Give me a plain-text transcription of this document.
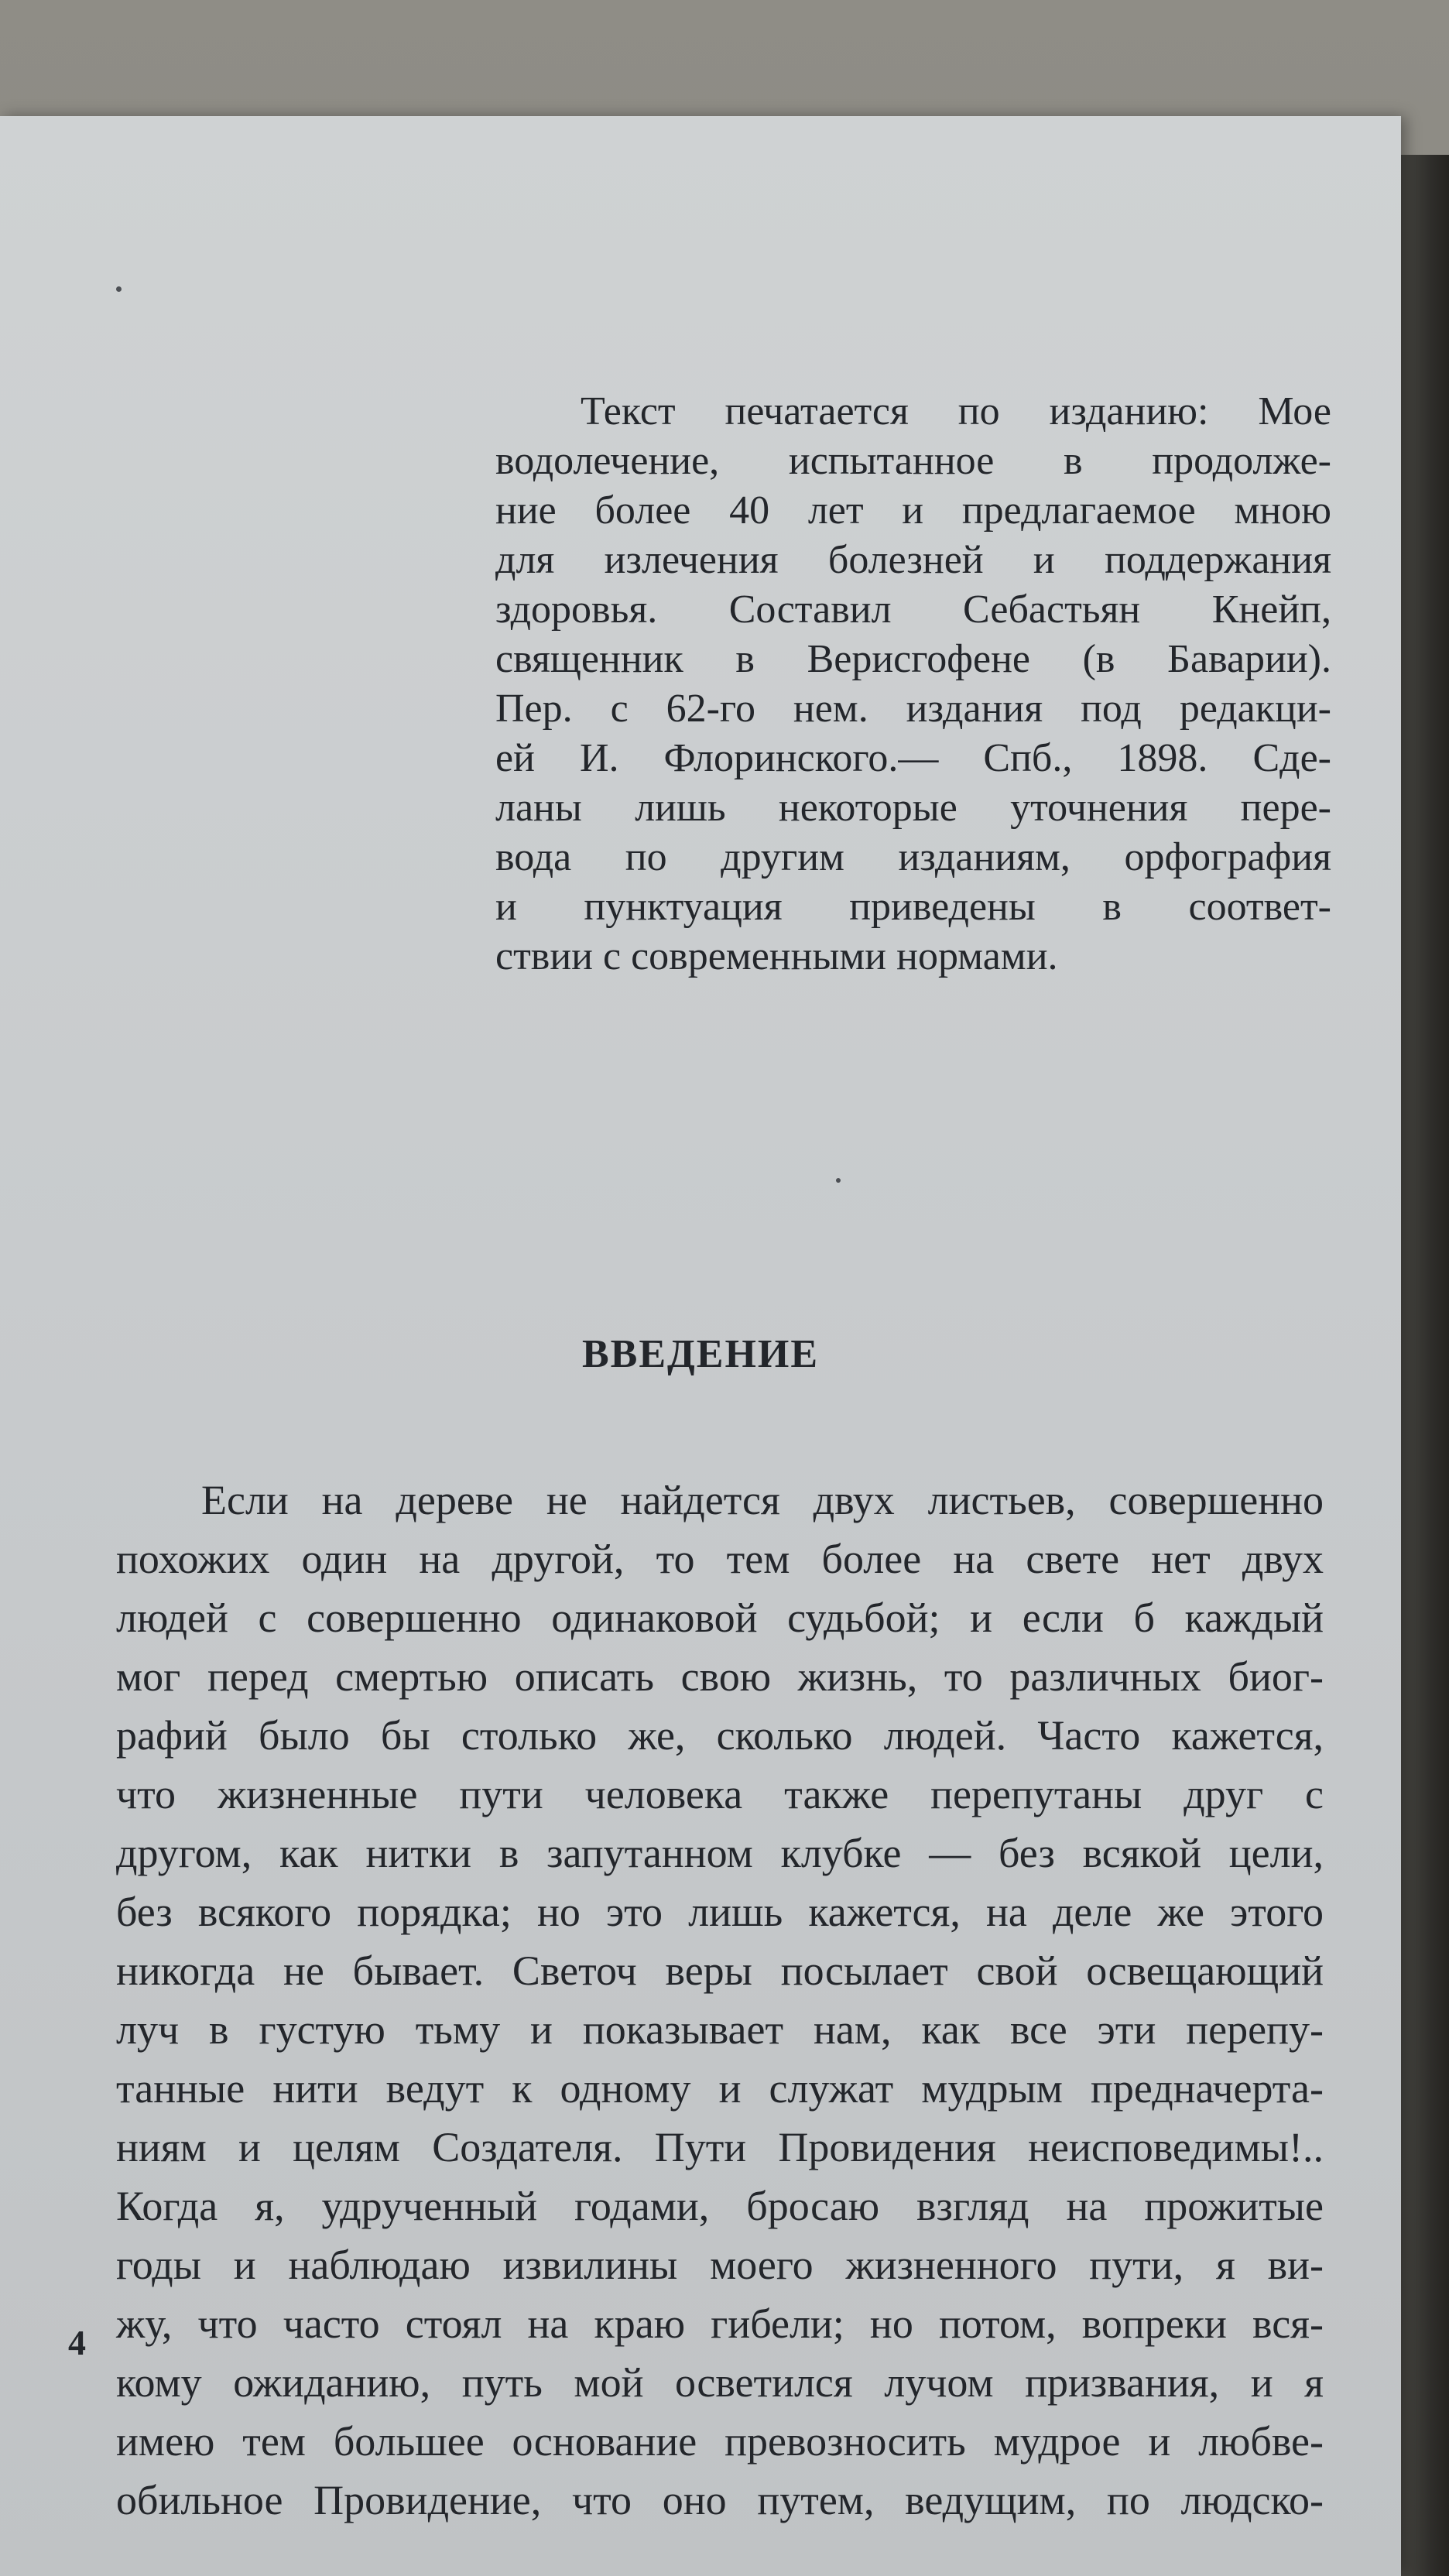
Текст печатается по изданию: Мое
водолечение, испытанное в продолже-
ние более 40 лет и предлагаемое мною
для излечения болезней и поддержания
здоровья. Составил Себастьян Кнейп,
священник в Верисгофене (в Баварии).
Пер. с 62-го нем. издания под редакци-
ей И. Флоринского.— Спб., 1898. Сде-
ланы лишь некоторые уточнения пере-
вода по другим изданиям, орфография
и пунктуация приведены в соответ-
ствии с современными нормами.
ВВЕДЕНИЕ
Если на дереве не найдется двух листьев, совершенно
похожих один на другой, то тем более на свете нет двух
людей с совершенно одинаковой судьбой; и если б каждый
мог перед смертью описать свою жизнь, то различных биог-
рафий было бы столько же, сколько людей. Часто кажется,
что жизненные пути человека также перепутаны друг с
другом, как нитки в запутанном клубке — без всякой цели,
без всякого порядка; но это лишь кажется, на деле же этого
никогда не бывает. Светоч веры посылает свой освещающий
луч в густую тьму и показывает нам, как все эти перепу-
танные нити ведут к одному и служат мудрым предначерта-
ниям и целям Создателя. Пути Провидения неисповедимы!..
Когда я, удрученный годами, бросаю взгляд на прожитые
годы и наблюдаю извилины моего жизненного пути, я ви-
жу, что часто стоял на краю гибели; но потом, вопреки вся-
кому ожиданию, путь мой осветился лучом призвания, и я
имею тем большее основание превозносить мудрое и любве-
обильное Провидение, что оно путем, ведущим, по людско-
4
